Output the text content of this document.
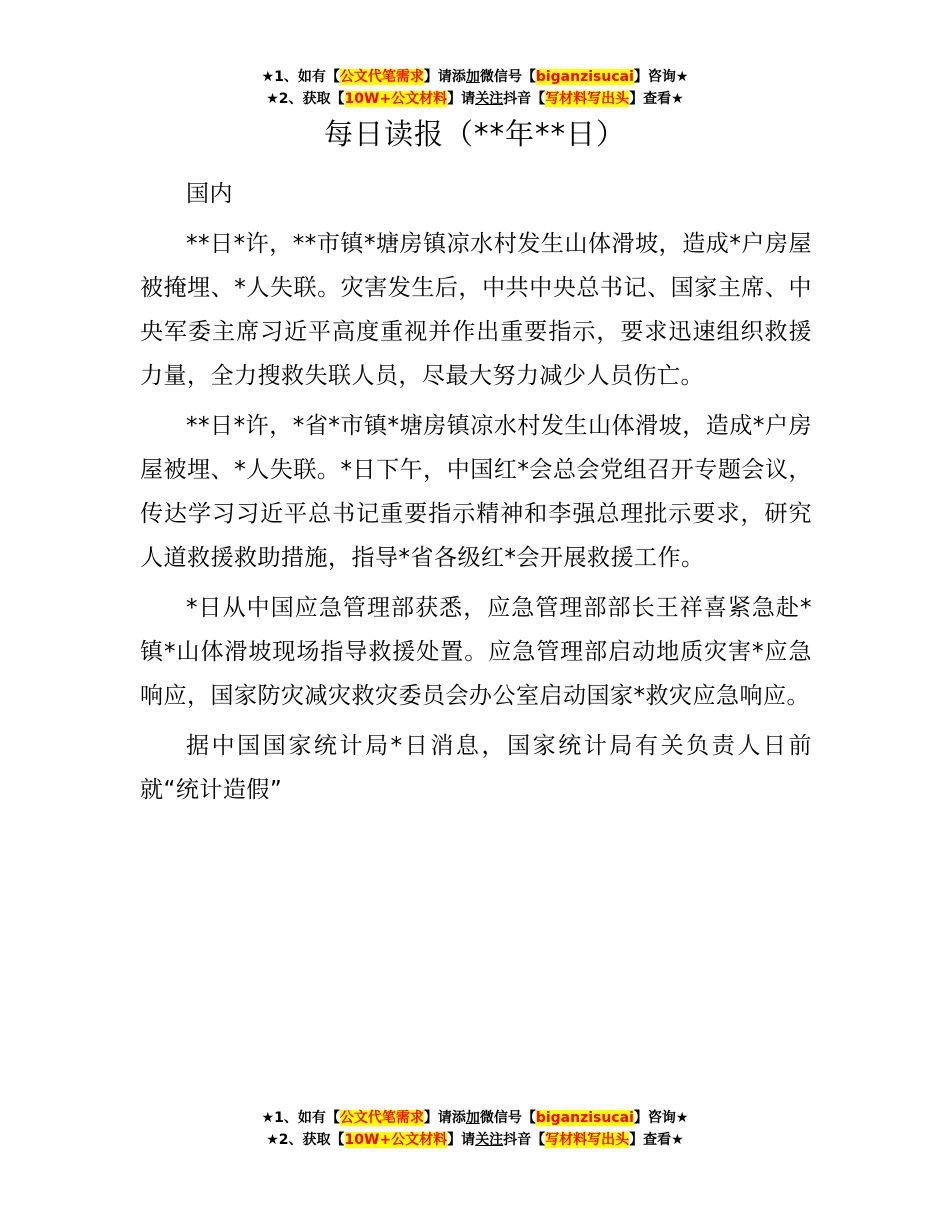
★1、如有【公文代笔需求】请添加微信号【biganzisucai】咨询★
★2、获取【10W+公文材料】请关注抖音【写材料写出头】查看★
每日读报（**年**日）

国内

**日*许，**市镇*塘房镇凉水村发生山体滑坡，造成*户房屋被掩埋、*人失联。灾害发生后，中共中央总书记、国家主席、中央军委主席习近平高度重视并作出重要指示，要求迅速组织救援力量，全力搜救失联人员，尽最大努力减少人员伤亡。

**日*许，*省*市镇*塘房镇凉水村发生山体滑坡，造成*户房屋被埋、*人失联。*日下午，中国红*会总会党组召开专题会议，传达学习习近平总书记重要指示精神和李强总理批示要求，研究人道救援救助措施，指导*省各级红*会开展救援工作。

*日从中国应急管理部获悉，应急管理部部长王祥喜紧急赴*镇*山体滑坡现场指导救援处置。应急管理部启动地质灾害*应急响应，国家防灾减灾救灾委员会办公室启动国家*救灾应急响应。

据中国国家统计局*日消息，国家统计局有关负责人日前就“统计造假”

★1、如有【公文代笔需求】请添加微信号【biganzisucai】咨询★
★2、获取【10W+公文材料】请关注抖音【写材料写出头】查看★
